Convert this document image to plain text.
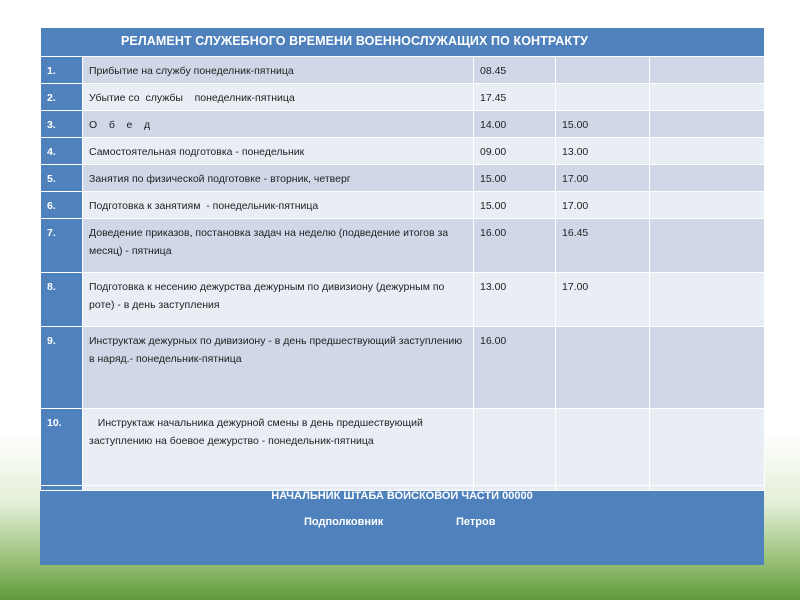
РЕЛАМЕНТ СЛУЖЕБНОГО ВРЕМЕНИ ВОЕННОСЛУЖАЩИХ ПО КОНТРАКТУ				
1.	Прибытие на службу понеделник-пятница	08.45		
2.	Убытие со  службы    понеделник-пятница	17.45		
3.	О    б    е    д	14.00	15.00	
4.	Самостоятельная подготовка - понедельник	09.00	13.00	
5.	Занятия по физической подготовке - вторник, четверг	15.00	17.00	
6.	Подготовка к занятиям  - понедельник-пятница	15.00	17.00	
7.	Доведение приказов, постановка задач на неделю (подведение итогов за месяц) - пятница	16.00	16.45	
8.	Подготовка к несению дежурства дежурным по дивизиону (дежурным по роте) - в день заступления	13.00	17.00	
9.	Инструктаж дежурных по дивизиону - в день предшествующий заступлению в наряд.- понедельник-пятница	16.00		
10.	Инструктаж начальника дежурной смены в день предшествующий заступлению на боевое дежурство - понедельник-пятница			
НАЧАЛЬНИК ШТАБА ВОЙСКОВОЙ ЧАСТИ 00000
Подполковник	Петров
